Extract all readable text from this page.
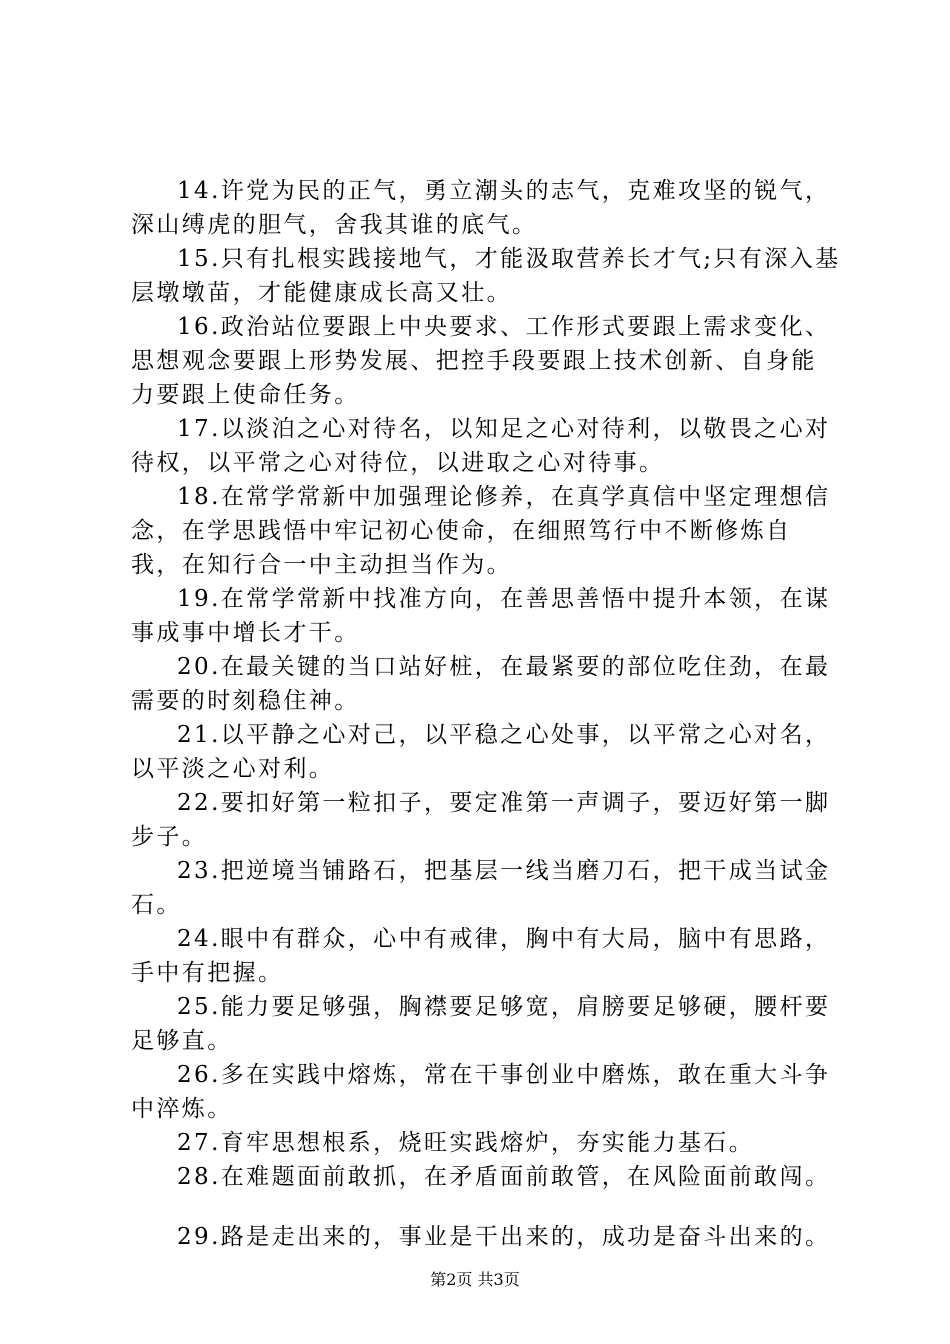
14.许党为民的正气，勇立潮头的志气，克难攻坚的锐气，深山缚虎的胆气，舍我其谁的底气。

15.只有扎根实践接地气，才能汲取营养长才气;只有深入基层墩墩苗，才能健康成长高又壮。

16.政治站位要跟上中央要求、工作形式要跟上需求变化、思想观念要跟上形势发展、把控手段要跟上技术创新、自身能力要跟上使命任务。

17.以淡泊之心对待名，以知足之心对待利，以敬畏之心对待权，以平常之心对待位，以进取之心对待事。

18.在常学常新中加强理论修养，在真学真信中坚定理想信念，在学思践悟中牢记初心使命，在细照笃行中不断修炼自我，在知行合一中主动担当作为。

19.在常学常新中找准方向，在善思善悟中提升本领，在谋事成事中增长才干。

20.在最关键的当口站好桩，在最紧要的部位吃住劲，在最需要的时刻稳住神。

21.以平静之心对己，以平稳之心处事，以平常之心对名，以平淡之心对利。

22.要扣好第一粒扣子，要定准第一声调子，要迈好第一脚步子。

23.把逆境当铺路石，把基层一线当磨刀石，把干成当试金石。

24.眼中有群众，心中有戒律，胸中有大局，脑中有思路，手中有把握。

25.能力要足够强，胸襟要足够宽，肩膀要足够硬，腰杆要足够直。

26.多在实践中熔炼，常在干事创业中磨炼，敢在重大斗争中淬炼。

27.育牢思想根系，烧旺实践熔炉，夯实能力基石。

28.在难题面前敢抓，在矛盾面前敢管，在风险面前敢闯。

29.路是走出来的，事业是干出来的，成功是奋斗出来的。

第2页 共3页
